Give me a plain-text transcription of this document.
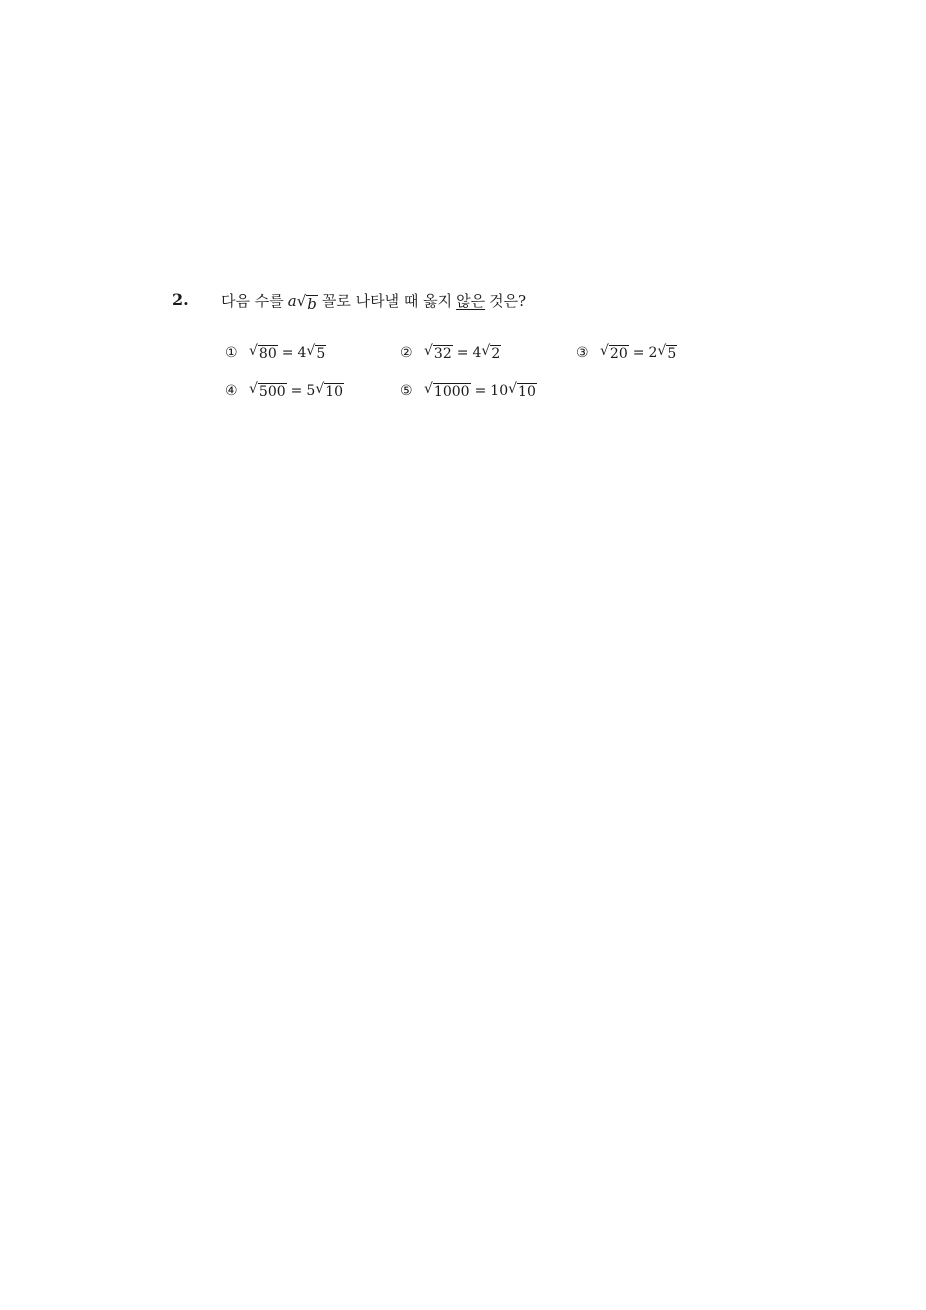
2. 다음 수를 a √ b 꼴로 나타낼 때 옳지 않은 것은?
① √ 80 = 4 √ 5	② √ 32 = 4 √ 2	③ √ 20 = 2 √ 5
④ √ 500 = 5 √ 10	⑤ √ 1000 = 10 √ 10
